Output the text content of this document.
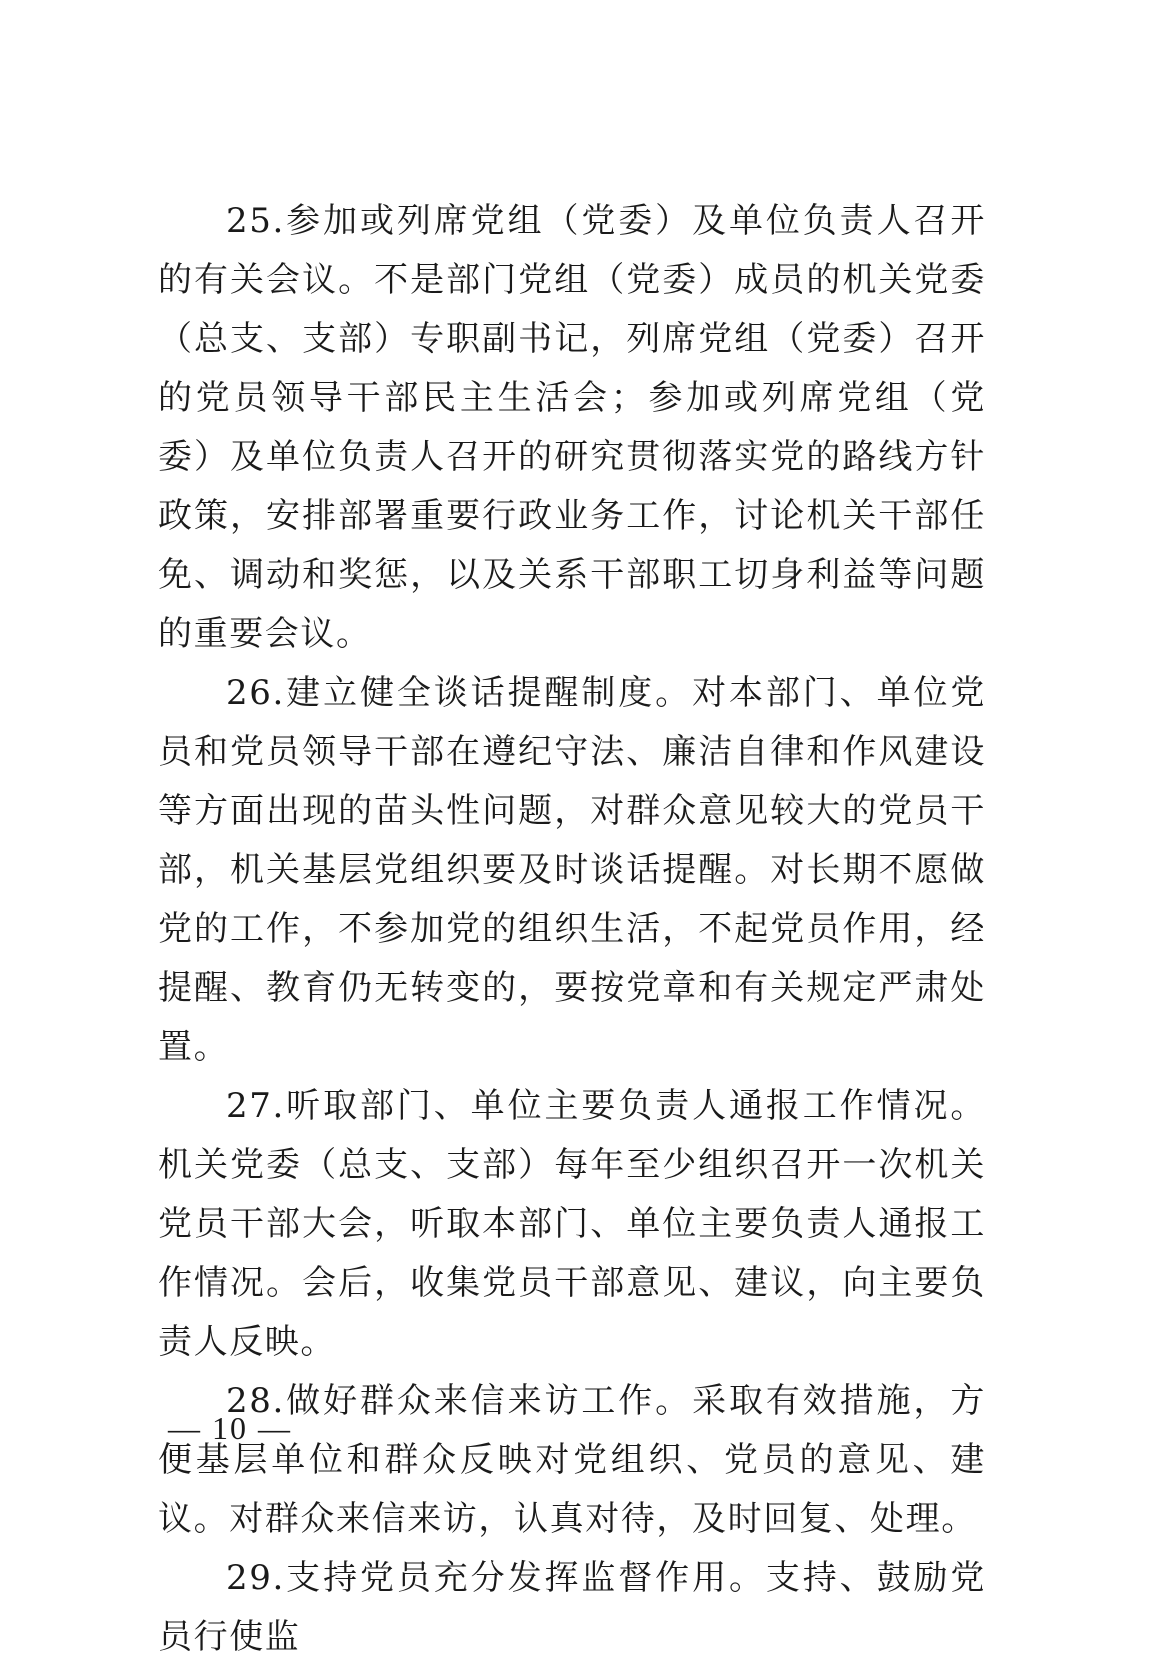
25.参加或列席党组（党委）及单位负责人召开的有关会议。不是部门党组（党委）成员的机关党委（总支、支部）专职副书记，列席党组（党委）召开的党员领导干部民主生活会；参加或列席党组（党委）及单位负责人召开的研究贯彻落实党的路线方针政策，安排部署重要行政业务工作，讨论机关干部任免、调动和奖惩，以及关系干部职工切身利益等问题的重要会议。

26.建立健全谈话提醒制度。对本部门、单位党员和党员领导干部在遵纪守法、廉洁自律和作风建设等方面出现的苗头性问题，对群众意见较大的党员干部，机关基层党组织要及时谈话提醒。对长期不愿做党的工作，不参加党的组织生活，不起党员作用，经提醒、教育仍无转变的，要按党章和有关规定严肃处置。

27.听取部门、单位主要负责人通报工作情况。机关党委（总支、支部）每年至少组织召开一次机关党员干部大会，听取本部门、单位主要负责人通报工作情况。会后，收集党员干部意见、建议，向主要负责人反映。

28.做好群众来信来访工作。采取有效措施，方便基层单位和群众反映对党组织、党员的意见、建议。对群众来信来访，认真对待，及时回复、处理。

29.支持党员充分发挥监督作用。支持、鼓励党员行使监

— 10 —
